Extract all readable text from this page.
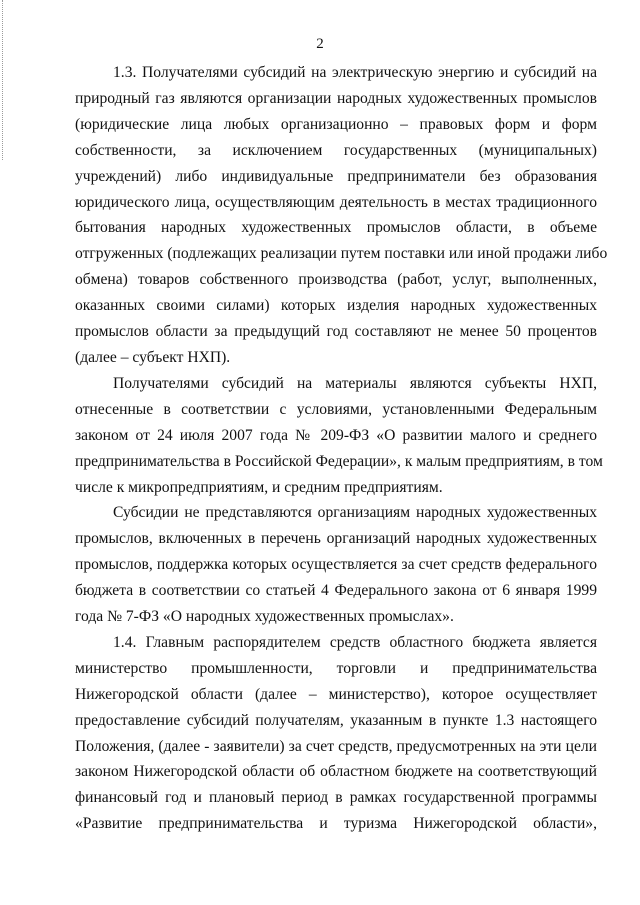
2
1.3. Получателями субсидий на электрическую энергию и субсидий на
природный газ являются организации народных художественных промыслов
(юридические лица любых организационно – правовых форм и форм
собственности, за исключением государственных (муниципальных)
учреждений) либо индивидуальные предприниматели без образования
юридического лица, осуществляющим деятельность в местах традиционного
бытования народных художественных промыслов области, в объеме
отгруженных (подлежащих реализации путем поставки или иной продажи либо
обмена) товаров собственного производства (работ, услуг, выполненных,
оказанных своими силами) которых изделия народных художественных
промыслов области за предыдущий год составляют не менее 50 процентов
(далее – субъект НХП).
Получателями субсидий на материалы являются субъекты НХП,
отнесенные в соответствии с условиями, установленными Федеральным
законом от 24 июля 2007 года № 209-ФЗ «О развитии малого и среднего
предпринимательства в Российской Федерации», к малым предприятиям, в том
числе к микропредприятиям, и средним предприятиям.
Субсидии не представляются организациям народных художественных
промыслов, включенных в перечень организаций народных художественных
промыслов, поддержка которых осуществляется за счет средств федерального
бюджета в соответствии со статьей 4 Федерального закона от 6 января 1999
года № 7-ФЗ «О народных художественных промыслах».
1.4. Главным распорядителем средств областного бюджета является
министерство промышленности, торговли и предпринимательства
Нижегородской области (далее – министерство), которое осуществляет
предоставление субсидий получателям, указанным в пункте 1.3 настоящего
Положения, (далее - заявители) за счет средств, предусмотренных на эти цели
законом Нижегородской области об областном бюджете на соответствующий
финансовый год и плановый период в рамках государственной программы
«Развитие предпринимательства и туризма Нижегородской области»,
